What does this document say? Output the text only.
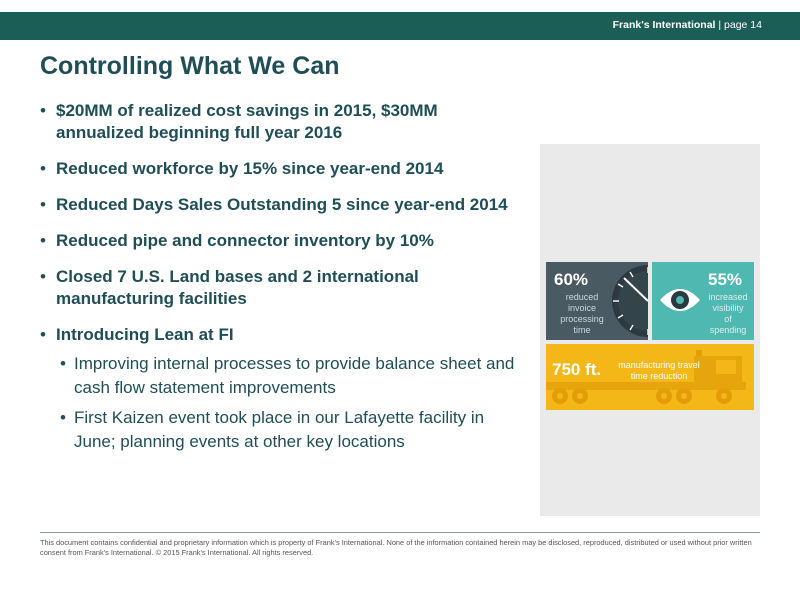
Frank's International | page 14
Controlling What We Can
• $20MM of realized cost savings in 2015, $30MM annualized beginning full year 2016
• Reduced workforce by 15% since year-end 2014
• Reduced Days Sales Outstanding 5 since year-end 2014
• Reduced pipe and connector inventory by 10%
• Closed 7 U.S. Land bases and 2 international manufacturing facilities
• Introducing Lean at FI
• Improving internal processes to provide balance sheet and cash flow statement improvements
• First Kaizen event took place in our Lafayette facility in June; planning events at other key locations
60%
reduced
invoice
processing
time
55%
increased
visibility
of
spending
750 ft. manufacturing travel
time reduction
This document contains confidential and proprietary information which is property of Frank's International. None of the information contained herein may be disclosed, reproduced, distributed or used without prior written consent from Frank's International. © 2015 Frank's International. All rights reserved.
